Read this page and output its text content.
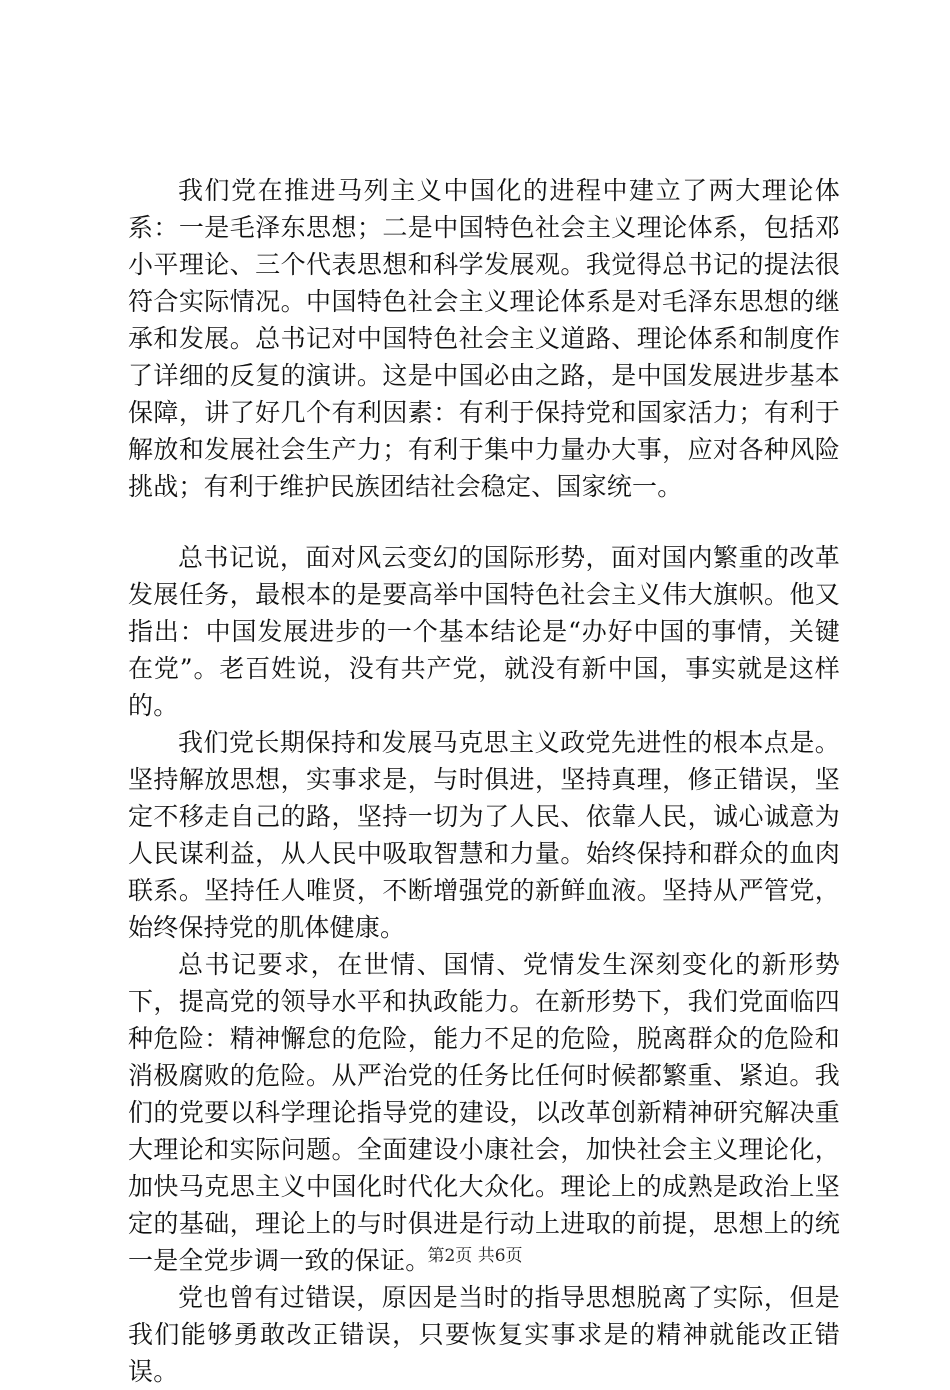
我们党在推进马列主义中国化的进程中建立了两大理论体系：一是毛泽东思想；二是中国特色社会主义理论体系，包括邓小平理论、三个代表思想和科学发展观。我觉得总书记的提法很符合实际情况。中国特色社会主义理论体系是对毛泽东思想的继承和发展。总书记对中国特色社会主义道路、理论体系和制度作了详细的反复的演讲。这是中国必由之路，是中国发展进步基本保障，讲了好几个有利因素：有利于保持党和国家活力；有利于解放和发展社会生产力；有利于集中力量办大事，应对各种风险挑战；有利于维护民族团结社会稳定、国家统一。

总书记说，面对风云变幻的国际形势，面对国内繁重的改革发展任务，最根本的是要高举中国特色社会主义伟大旗帜。他又指出：中国发展进步的一个基本结论是“办好中国的事情，关键在党”。老百姓说，没有共产党，就没有新中国，事实就是这样的。

我们党长期保持和发展马克思主义政党先进性的根本点是。坚持解放思想，实事求是，与时俱进，坚持真理，修正错误，坚定不移走自己的路，坚持一切为了人民、依靠人民，诚心诚意为人民谋利益，从人民中吸取智慧和力量。始终保持和群众的血肉联系。坚持任人唯贤，不断增强党的新鲜血液。坚持从严管党，始终保持党的肌体健康。

总书记要求，在世情、国情、党情发生深刻变化的新形势下，提高党的领导水平和执政能力。在新形势下，我们党面临四种危险：精神懈怠的危险，能力不足的危险，脱离群众的危险和消极腐败的危险。从严治党的任务比任何时候都繁重、紧迫。我们的党要以科学理论指导党的建设，以改革创新精神研究解决重大理论和实际问题。全面建设小康社会，加快社会主义理论化，加快马克思主义中国化时代化大众化。理论上的成熟是政治上坚定的基础，理论上的与时俱进是行动上进取的前提，思想上的统一是全党步调一致的保证。

党也曾有过错误，原因是当时的指导思想脱离了实际，但是我们能够勇敢改正错误，只要恢复实事求是的精神就能改正错误。

第2页 共6页
